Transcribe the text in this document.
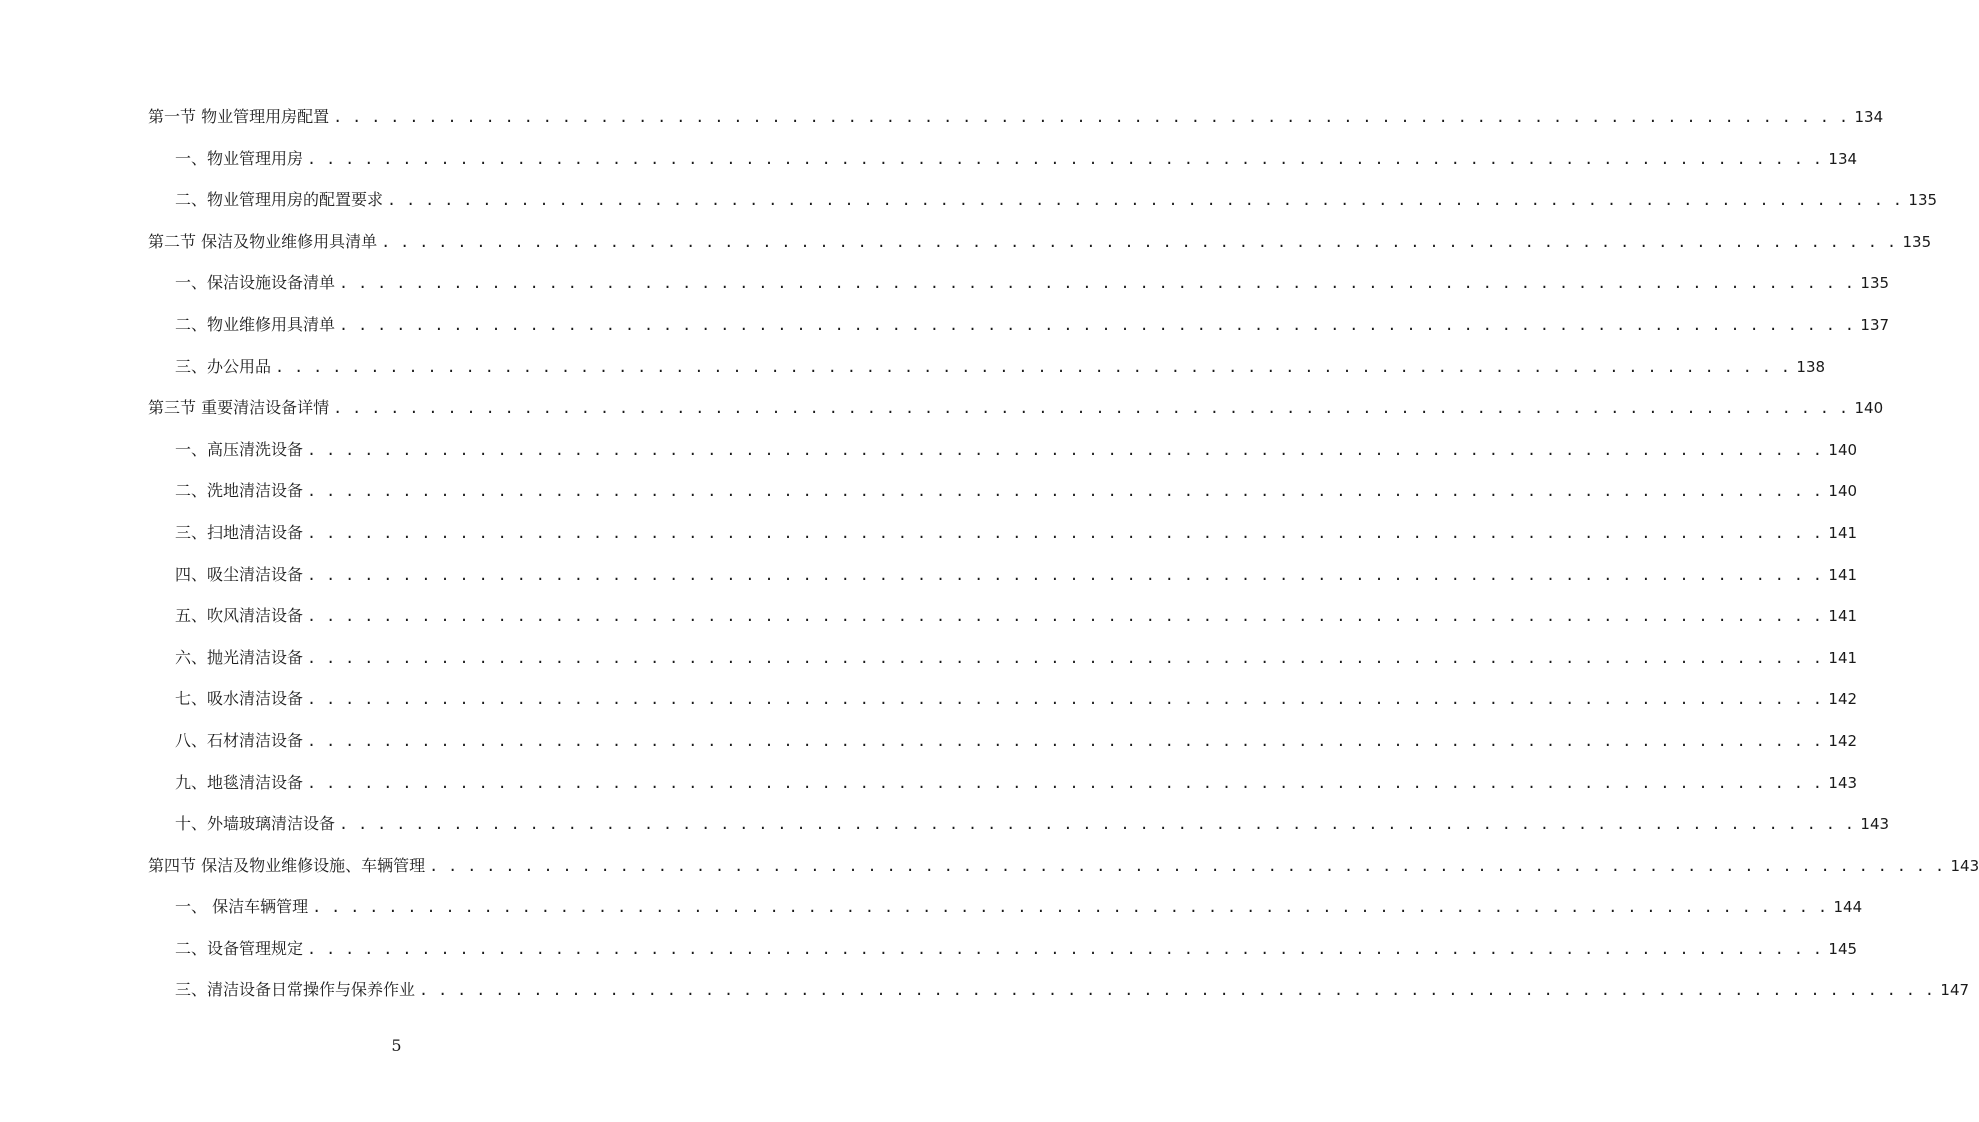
第一节 物业管理用房配置 . . . . . . . . . . . . . . . . . . . . . . . . . . . . . . . . . . . . . . . . . . . . . . . . . . . . . . . . . . . . . . . . . . . . . . . . . . . . . . . . 134
一、物业管理用房 . . . . . . . . . . . . . . . . . . . . . . . . . . . . . . . . . . . . . . . . . . . . . . . . . . . . . . . . . . . . . . . . . . . . . . . . . . . . . . . . 134
二、物业管理用房的配置要求 . . . . . . . . . . . . . . . . . . . . . . . . . . . . . . . . . . . . . . . . . . . . . . . . . . . . . . . . . . . . . . . . . . . . . . . . . . . . . . . . 135
第二节 保洁及物业维修用具清单 . . . . . . . . . . . . . . . . . . . . . . . . . . . . . . . . . . . . . . . . . . . . . . . . . . . . . . . . . . . . . . . . . . . . . . . . . . . . . . . . 135
一、保洁设施设备清单 . . . . . . . . . . . . . . . . . . . . . . . . . . . . . . . . . . . . . . . . . . . . . . . . . . . . . . . . . . . . . . . . . . . . . . . . . . . . . . . . 135
二、物业维修用具清单 . . . . . . . . . . . . . . . . . . . . . . . . . . . . . . . . . . . . . . . . . . . . . . . . . . . . . . . . . . . . . . . . . . . . . . . . . . . . . . . . 137
三、办公用品 . . . . . . . . . . . . . . . . . . . . . . . . . . . . . . . . . . . . . . . . . . . . . . . . . . . . . . . . . . . . . . . . . . . . . . . . . . . . . . . . 138
第三节 重要清洁设备详情 . . . . . . . . . . . . . . . . . . . . . . . . . . . . . . . . . . . . . . . . . . . . . . . . . . . . . . . . . . . . . . . . . . . . . . . . . . . . . . . . 140
一、高压清洗设备 . . . . . . . . . . . . . . . . . . . . . . . . . . . . . . . . . . . . . . . . . . . . . . . . . . . . . . . . . . . . . . . . . . . . . . . . . . . . . . . . 140
二、洗地清洁设备 . . . . . . . . . . . . . . . . . . . . . . . . . . . . . . . . . . . . . . . . . . . . . . . . . . . . . . . . . . . . . . . . . . . . . . . . . . . . . . . . 140
三、扫地清洁设备 . . . . . . . . . . . . . . . . . . . . . . . . . . . . . . . . . . . . . . . . . . . . . . . . . . . . . . . . . . . . . . . . . . . . . . . . . . . . . . . . 141
四、吸尘清洁设备 . . . . . . . . . . . . . . . . . . . . . . . . . . . . . . . . . . . . . . . . . . . . . . . . . . . . . . . . . . . . . . . . . . . . . . . . . . . . . . . . 141
五、吹风清洁设备 . . . . . . . . . . . . . . . . . . . . . . . . . . . . . . . . . . . . . . . . . . . . . . . . . . . . . . . . . . . . . . . . . . . . . . . . . . . . . . . . 141
六、抛光清洁设备 . . . . . . . . . . . . . . . . . . . . . . . . . . . . . . . . . . . . . . . . . . . . . . . . . . . . . . . . . . . . . . . . . . . . . . . . . . . . . . . . 141
七、吸水清洁设备 . . . . . . . . . . . . . . . . . . . . . . . . . . . . . . . . . . . . . . . . . . . . . . . . . . . . . . . . . . . . . . . . . . . . . . . . . . . . . . . . 142
八、石材清洁设备 . . . . . . . . . . . . . . . . . . . . . . . . . . . . . . . . . . . . . . . . . . . . . . . . . . . . . . . . . . . . . . . . . . . . . . . . . . . . . . . . 142
九、地毯清洁设备 . . . . . . . . . . . . . . . . . . . . . . . . . . . . . . . . . . . . . . . . . . . . . . . . . . . . . . . . . . . . . . . . . . . . . . . . . . . . . . . . 143
十、外墙玻璃清洁设备 . . . . . . . . . . . . . . . . . . . . . . . . . . . . . . . . . . . . . . . . . . . . . . . . . . . . . . . . . . . . . . . . . . . . . . . . . . . . . . . . 143
第四节 保洁及物业维修设施、车辆管理 . . . . . . . . . . . . . . . . . . . . . . . . . . . . . . . . . . . . . . . . . . . . . . . . . . . . . . . . . . . . . . . . . . . . . . . . . . . . . . . . 143
一、 保洁车辆管理 . . . . . . . . . . . . . . . . . . . . . . . . . . . . . . . . . . . . . . . . . . . . . . . . . . . . . . . . . . . . . . . . . . . . . . . . . . . . . . . . 144
二、设备管理规定 . . . . . . . . . . . . . . . . . . . . . . . . . . . . . . . . . . . . . . . . . . . . . . . . . . . . . . . . . . . . . . . . . . . . . . . . . . . . . . . . 145
三、清洁设备日常操作与保养作业 . . . . . . . . . . . . . . . . . . . . . . . . . . . . . . . . . . . . . . . . . . . . . . . . . . . . . . . . . . . . . . . . . . . . . . . . . . . . . . . . 147
5
